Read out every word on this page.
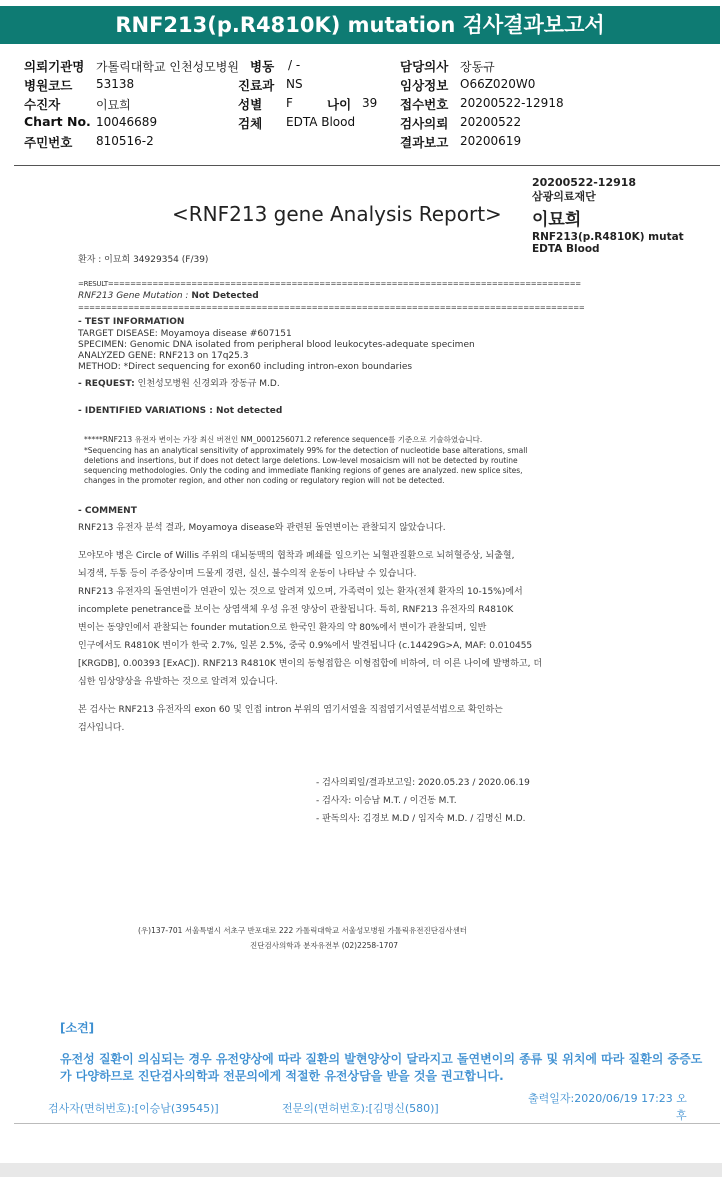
RNF213(p.R4810K) mutation 검사결과보고서
의뢰기관명 가톨릭대학교 인천성모병원 병동 / -	담당의사 장동규
병원코드 53138	진료과 NS	임상정보 O66Z020W0
수진자	이묘희	성별 F	나이 39 접수번호 20200522-12918
Chart No. 10046689	검체 EDTA Blood	검사의뢰 20200522
주민번호 810516-2	결과보고 20200619
20200522-12918
삼광의료재단
이묘희
RNF213(p.R4810K) mutat
EDTA Blood
<RNF213 gene Analysis Report>
환자 : 이묘희 34929354 (F/39)
=RESULT=====================================================================================
RNF213 Gene Mutation : Not Detected
===========================================================================================
- TEST INFORMATION
TARGET DISEASE: Moyamoya disease #607151
SPECIMEN: Genomic DNA isolated from peripheral blood leukocytes-adequate specimen
ANALYZED GENE: RNF213 on 17q25.3
METHOD: *Direct sequencing for exon60 including intron-exon boundaries
- REQUEST: 인천성모병원 신경외과 장동규 M.D.
- IDENTIFIED VARIATIONS : Not detected
*****RNF213 유전자 변이는 가장 최신 버전인 NM_0001256071.2 reference sequence를 기준으로 기술하였습니다.
*Sequencing has an analytical sensitivity of approximately 99% for the detection of nucleotide base alterations, small
deletions and insertions, but if does not detect large deletions. Low-level mosaicism will not be detected by routine
sequencing methodologies. Only the coding and immediate flanking regions of genes are analyzed. new splice sites,
changes in the promoter region, and other non coding or regulatory region will not be detected.
- COMMENT
RNF213 유전자 분석 결과, Moyamoya disease와 관련된 돌연변이는 관찰되지 않았습니다.
모야모야 병은 Circle of Willis 주위의 대뇌동맥의 협착과 폐쇄를 일으키는 뇌혈관질환으로 뇌허혈증상, 뇌출혈,
뇌경색, 두통 등이 주증상이며 드물게 경련, 실신, 불수의적 운동이 나타날 수 있습니다.
RNF213 유전자의 돌연변이가 연관이 있는 것으로 알려져 있으며, 가족력이 있는 환자(전체 환자의 10-15%)에서
incomplete penetrance를 보이는 상염색체 우성 유전 양상이 관찰됩니다. 특히, RNF213 유전자의 R4810K
변이는 동양인에서 관찰되는 founder mutation으로 한국인 환자의 약 80%에서 변이가 관찰되며, 일반
인구에서도 R4810K 변이가 한국 2.7%, 일본 2.5%, 중국 0.9%에서 발견됩니다 (c.14429G>A, MAF: 0.010455
[KRGDB], 0.00393 [ExAC]). RNF213 R4810K 변이의 동형접합은 이형접합에 비하여, 더 이른 나이에 발병하고, 더
심한 임상양상을 유발하는 것으로 알려져 있습니다.
본 검사는 RNF213 유전자의 exon 60 및 인접 intron 부위의 염기서열을 직접염기서열분석법으로 확인하는
검사입니다.
- 검사의뢰일/결과보고일: 2020.05.23 / 2020.06.19
- 검사자: 이승남 M.T. / 이건동 M.T.
- 판독의사: 김경보 M.D / 임지숙 M.D. / 김명신 M.D.
(우)137-701 서울특별시 서초구 반포대로 222 가톨릭대학교 서울성모병원 가톨릭유전진단검사센터
진단검사의학과 분자유전부 (02)2258-1707
[소견]
유전성 질환이 의심되는 경우 유전양상에 따라 질환의 발현양상이 달라지고 돌연변이의 종류 및 위치에 따라 질환의 중증도
가 다양하므로 진단검사의학과 전문의에게 적절한 유전상담을 받을 것을 권고합니다.
검사자(면허번호):[이승남(39545)]	전문의(면허번호):[김명신(580)]
출력일자:2020/06/19 17:23 오
후
